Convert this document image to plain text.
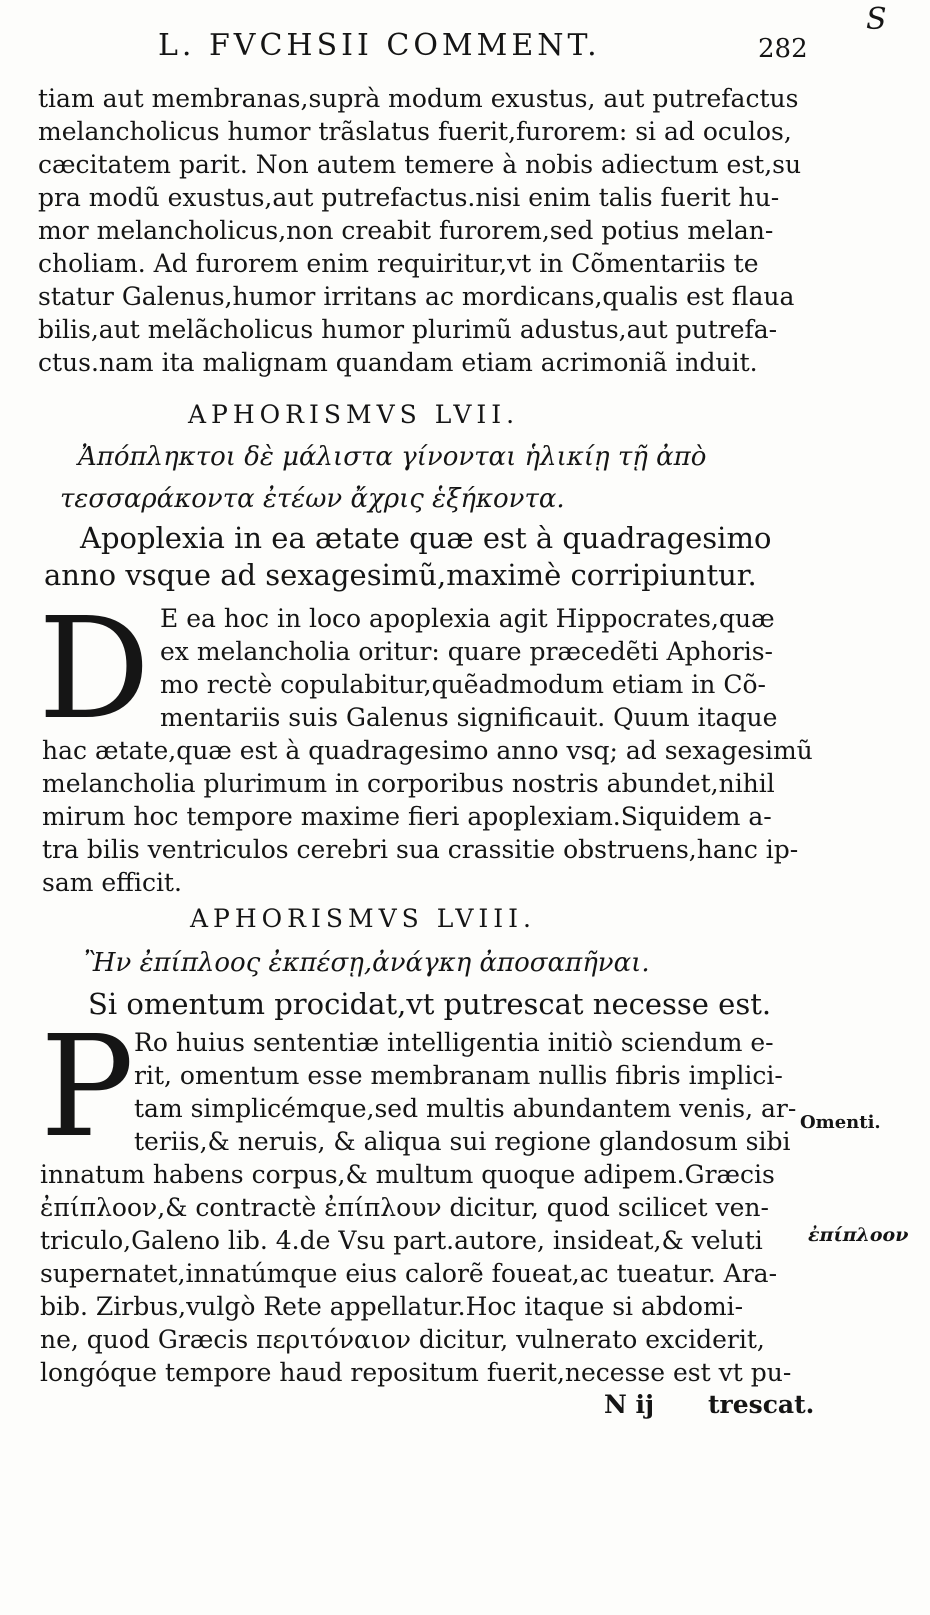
S
L. FVCHSII COMMENT.	282
tiam aut membranas,suprà modum exustus, aut putrefactus
melancholicus humor trãslatus fuerit,furorem: si ad oculos,
cæcitatem parit. Non autem temere à nobis adiectum est,su
pra modũ exustus,aut putrefactus.nisi enim talis fuerit hu-
mor melancholicus,non creabit furorem,sed potius melan-
choliam. Ad furorem enim requiritur,vt in Cõmentariis te
statur Galenus,humor irritans ac mordicans,qualis est flaua
bilis,aut melãcholicus humor plurimũ adustus,aut putrefa-
ctus.nam ita malignam quandam etiam acrimoniã induit.
APHORISMVS LVII.
Ἀπόπληκτοι δὲ μάλιστα γίνονται ἡλικίῃ τῇ ἀπὸ
τεσσαράκοντα ἐτέων ἄχρις ἑξήκοντα.
Apoplexia in ea ætate quæ est à quadragesimo
anno vsque ad sexagesimũ,maximè corripiuntur.
D E ea hoc in loco apoplexia agit Hippocrates,quæ
ex melancholia oritur: quare præcedẽti Aphoris-
mo rectè copulabitur,quẽadmodum etiam in Cõ-
mentariis suis Galenus significauit. Quum itaque
hac ætate,quæ est à quadragesimo anno vsq; ad sexagesimũ
melancholia plurimum in corporibus nostris abundet,nihil
mirum hoc tempore maxime fieri apoplexiam.Siquidem a-
tra bilis ventriculos cerebri sua crassitie obstruens,hanc ip-
sam efficit.
APHORISMVS LVIII.
Ἢν ἐπίπλοος ἐκπέσῃ,ἀνάγκη ἀποσαπῆναι.
Si omentum procidat,vt putrescat necesse est.
P Ro huius sententiæ intelligentia initiò sciendum e-
rit, omentum esse membranam nullis fibris implici-
tam simplicémque,sed multis abundantem venis, ar-
teriis,& neruis, & aliqua sui regione glandosum sibi
innatum habens corpus,& multum quoque adipem.Græcis
ἐπίπλοον,& contractè ἐπίπλουν dicitur, quod scilicet ven-
triculo,Galeno lib. 4.de Vsu part.autore, insideat,& veluti
supernatet,innatúmque eius calorẽ foueat,ac tueatur. Ara-
bib. Zirbus,vulgò Rete appellatur.Hoc itaque si abdomi-
ne, quod Græcis περιτόναιον dicitur, vulnerato exciderit,
longóque tempore haud repositum fuerit,necesse est vt pu-
Omenti.
ἐπίπλοον
N ij trescat.
